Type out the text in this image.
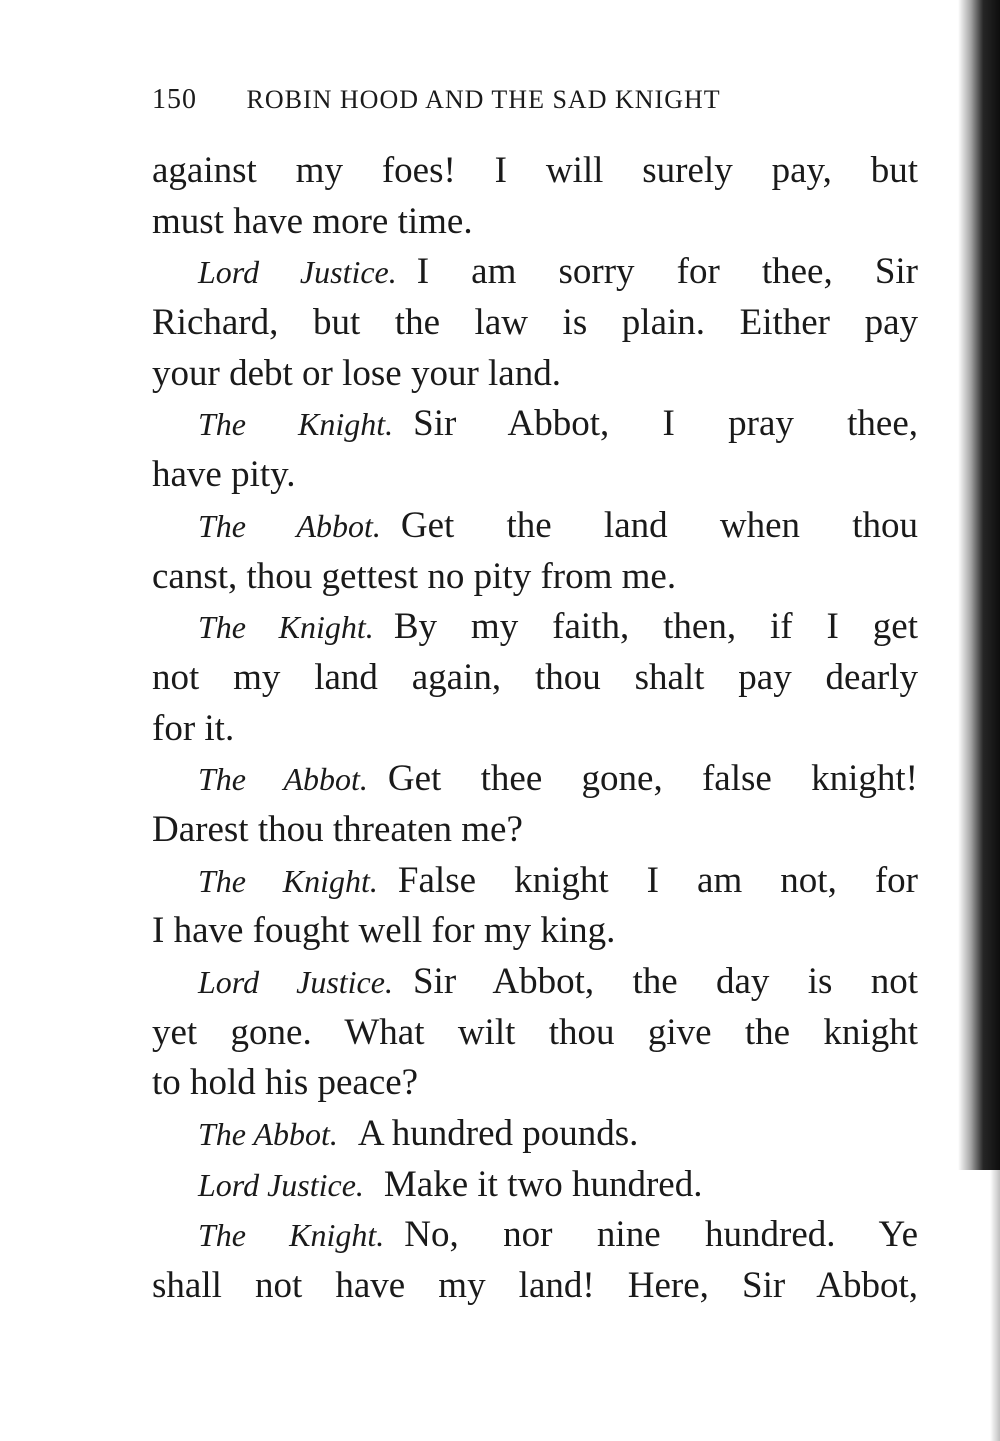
150 ROBIN HOOD AND THE SAD KNIGHT
against my foes! I will surely pay, but
must have more time.
Lord Justice. I am sorry for thee, Sir
Richard, but the law is plain. Either pay
your debt or lose your land.
The Knight. Sir Abbot, I pray thee,
have pity.
The Abbot. Get the land when thou
canst, thou gettest no pity from me.
The Knight. By my faith, then, if I get
not my land again, thou shalt pay dearly
for it.
The Abbot. Get thee gone, false knight!
Darest thou threaten me?
The Knight. False knight I am not, for
I have fought well for my king.
Lord Justice. Sir Abbot, the day is not
yet gone. What wilt thou give the knight
to hold his peace?
The Abbot. A hundred pounds.
Lord Justice. Make it two hundred.
The Knight. No, nor nine hundred. Ye
shall not have my land! Here, Sir Abbot,
